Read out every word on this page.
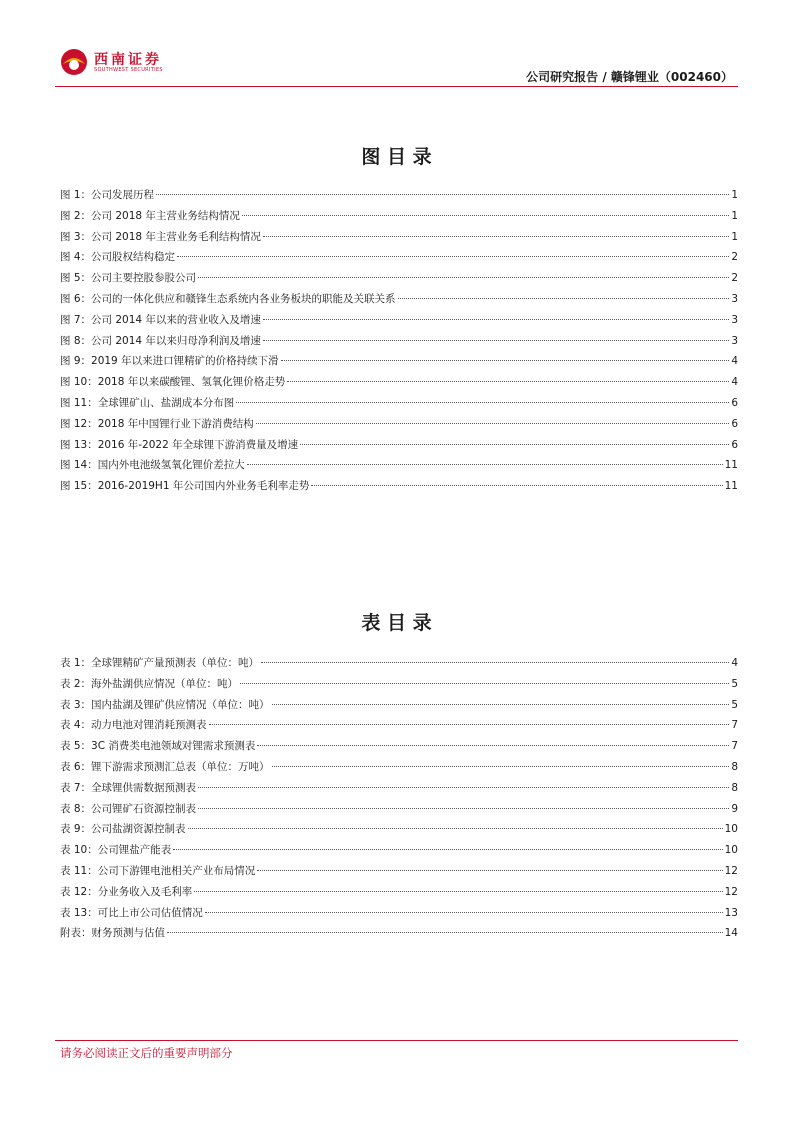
西南证券
SOUTHWEST SECURITIES	公司研究报告 / 赣锋锂业（002460）
图 目 录
图 1：公司发展历程	1
图 2：公司 2018 年主营业务结构情况	1
图 3：公司 2018 年主营业务毛利结构情况	1
图 4：公司股权结构稳定	2
图 5：公司主要控股参股公司	2
图 6：公司的一体化供应和赣锋生态系统内各业务板块的职能及关联关系	3
图 7：公司 2014 年以来的营业收入及增速	3
图 8：公司 2014 年以来归母净利润及增速	3
图 9：2019 年以来进口锂精矿的价格持续下滑	4
图 10：2018 年以来碳酸锂、氢氧化锂价格走势	4
图 11：全球锂矿山、盐湖成本分布图	6
图 12：2018 年中国锂行业下游消费结构	6
图 13：2016 年-2022 年全球锂下游消费量及增速	6
图 14：国内外电池级氢氧化锂价差拉大	11
图 15：2016-2019H1 年公司国内外业务毛利率走势	11
表 目 录
表 1：全球锂精矿产量预测表（单位：吨）	4
表 2：海外盐湖供应情况（单位：吨）	5
表 3：国内盐湖及锂矿供应情况（单位：吨）	5
表 4：动力电池对锂消耗预测表	7
表 5：3C 消费类电池领域对锂需求预测表	7
表 6：锂下游需求预测汇总表（单位：万吨）	8
表 7：全球锂供需数据预测表	8
表 8：公司锂矿石资源控制表	9
表 9：公司盐湖资源控制表	10
表 10：公司锂盐产能表	10
表 11：公司下游锂电池相关产业布局情况	12
表 12：分业务收入及毛利率	12
表 13：可比上市公司估值情况	13
附表：财务预测与估值	14
请务必阅读正文后的重要声明部分
